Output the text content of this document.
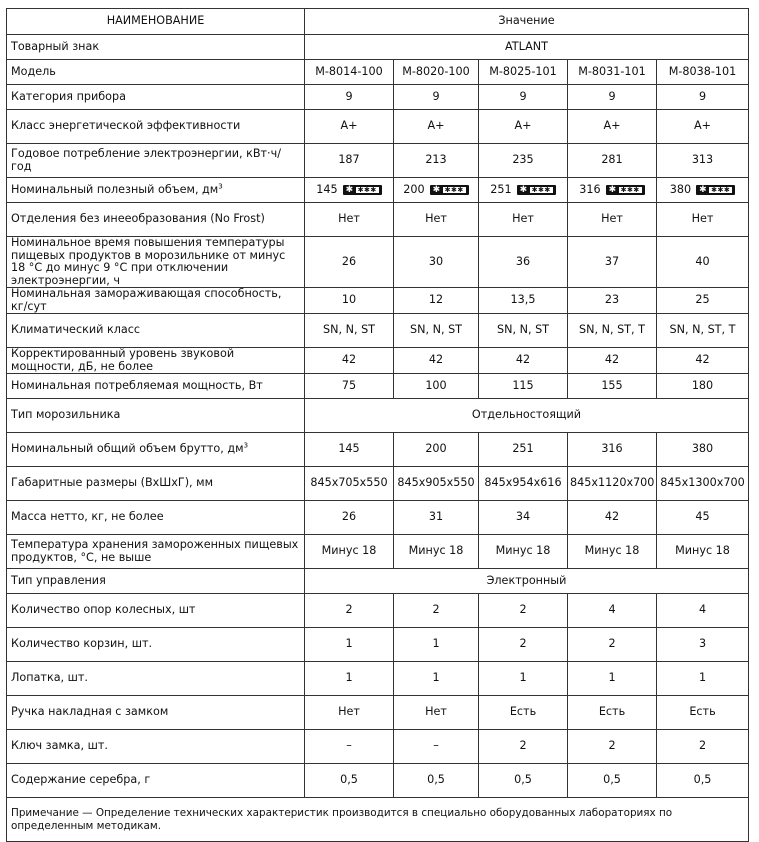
НАИМЕНОВАНИЕ	Значение				
Товарный знак	ATLANT				
Модель	М-8014-100	М-8020-100	М-8025-101	М-8031-101	М-8038-101
Категория прибора	9	9	9	9	9
Класс энергетической эффективности	А+	А+	А+	А+	А+
Годовое потребление электроэнергии, кВт·ч/год	187	213	235	281	313
Номинальный полезный объем, $дм^3$	145 ✱ ✱✱✱	200 ✱ ✱✱✱	251 ✱ ✱✱✱	316 ✱ ✱✱✱	380 ✱ ✱✱✱

Отделения без инееобразования (No Frost)	Нет	Нет	Нет	Нет	Нет
Номинальное время повышения температуры пищевых продуктов в морозильнике от минус 18 °С до минус 9 °С при отключении электроэнергии, ч	26	30	36	37	40
Номинальная замораживающая способность, кг/сут	10	12	13,5	23	25
Климатический класс	SN, N, ST	SN, N, ST	SN, N, ST	SN, N, ST, T	SN, N, ST, T
Корректированный уровень звуковой мощности, дБ, не более	42	42	42	42	42
Номинальная потребляемая мощность, Вт	75	100	115	155	180
Тип морозильника	Отдельностоящий				
Номинальный общий объем брутто, $дм^3$	145	200	251	316	380
Габаритные размеры (ВхШхГ), мм	845x705x550	845x905x550	845x954x616	845x1120x700	845x1300x700
Масса нетто, кг, не более	26	31	34	42	45
Температура хранения замороженных пищевых продуктов, °С, не выше	Минус 18	Минус 18	Минус 18	Минус 18	Минус 18
Тип управления	Электронный				
Количество опор колесных, шт	2	2	2	4	4
Количество корзин, шт.	1	1	2	2	3
Лопатка, шт.	1	1	1	1	1
Ручка накладная с замком	Нет	Нет	Есть	Есть	Есть
Ключ замка, шт.	–	–	2	2	2
Содержание серебра, г	0,5	0,5	0,5	0,5	0,5
Примечание — Определение технических характеристик производится в специально оборудованных лабораториях по определенным методикам.					
